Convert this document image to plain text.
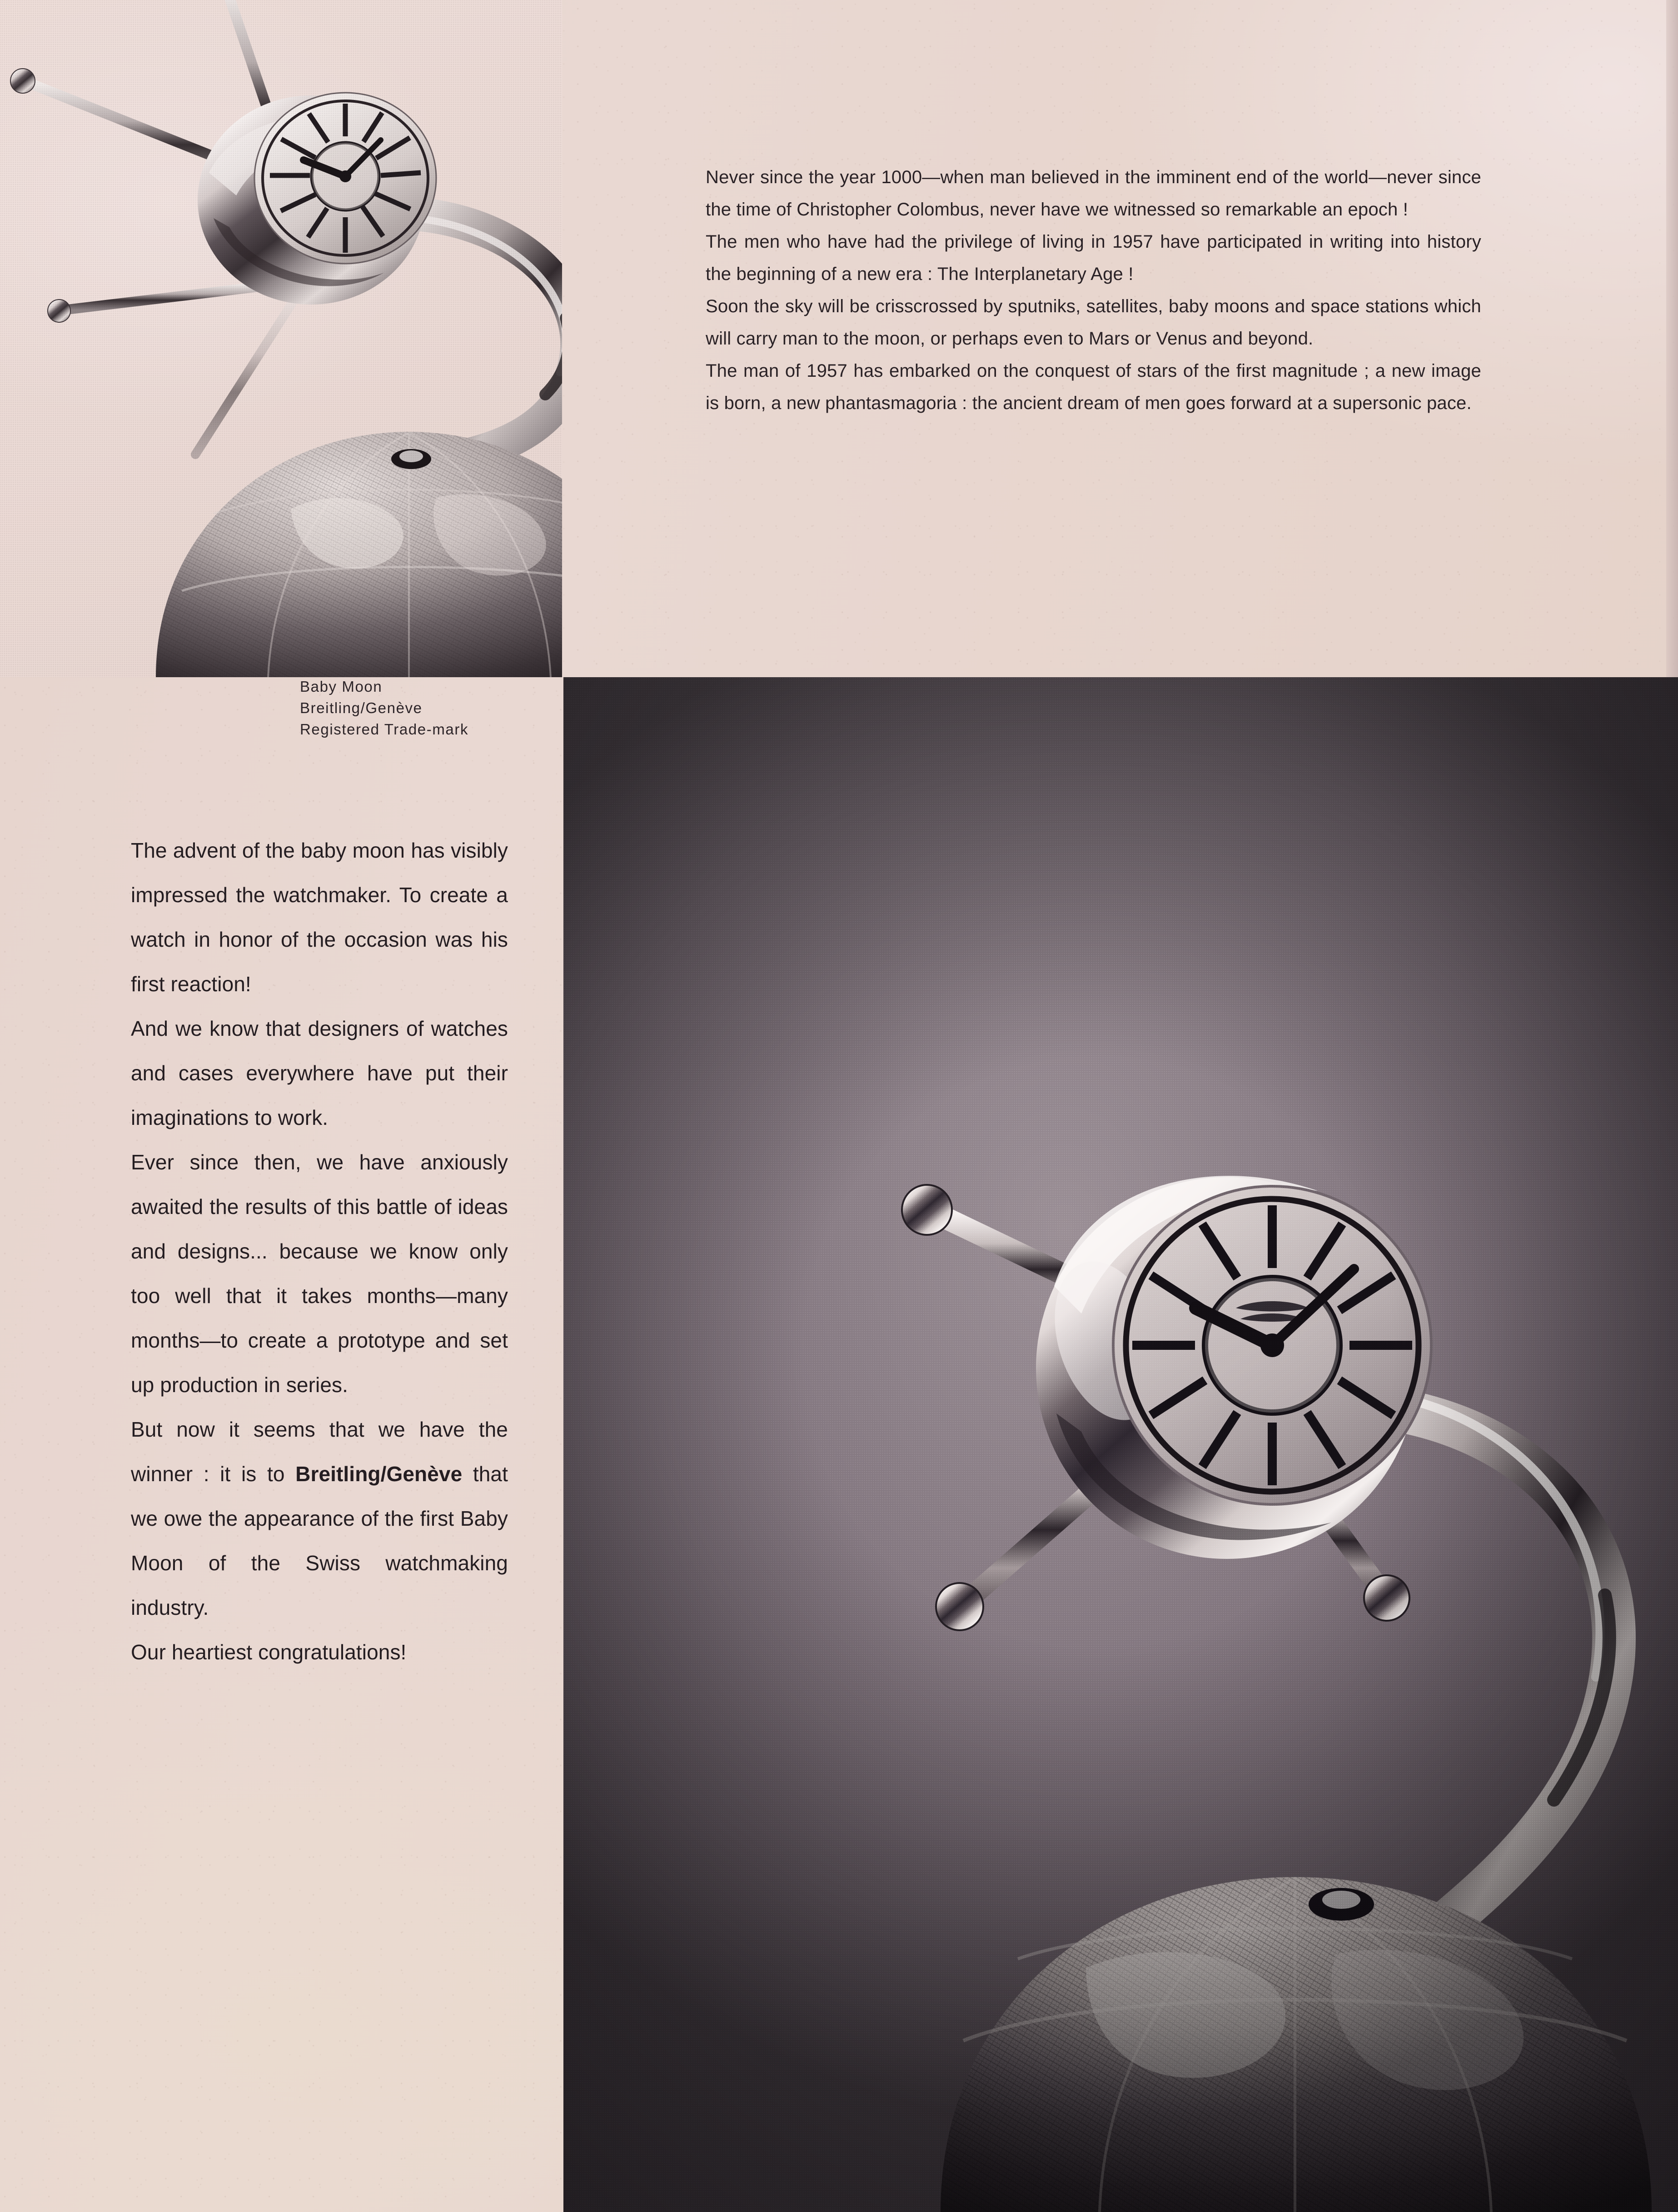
Never since the year 1000—when man believed in the imminent end of the world—never since the time of Christopher Colombus, never have we witnessed so remarkable an epoch !

The men who have had the privilege of living in 1957 have participated in writing into history the beginning of a new era : The Interplanetary Age !

Soon the sky will be crisscrossed by sputniks, satellites, baby moons and space stations which will carry man to the moon, or perhaps even to Mars or Venus and beyond.

The man of 1957 has embarked on the conquest of stars of the first magnitude ; a new image is born, a new phantasmagoria : the ancient dream of men goes forward at a supersonic pace.

Baby Moon
Breitling/Genève
Registered Trade-mark

The advent of the baby moon has visibly impressed the watchmaker. To create a watch in honor of the occasion was his first reaction!

And we know that designers of watches and cases everywhere have put their imaginations to work.

Ever since then, we have anxiously awaited the results of this battle of ideas and designs... because we know only too well that it takes months—many months—to create a prototype and set up production in series.

But now it seems that we have the winner : it is to Breitling/Genève that we owe the appearance of the first Baby Moon of the Swiss watchmaking industry.

Our heartiest congratulations!
